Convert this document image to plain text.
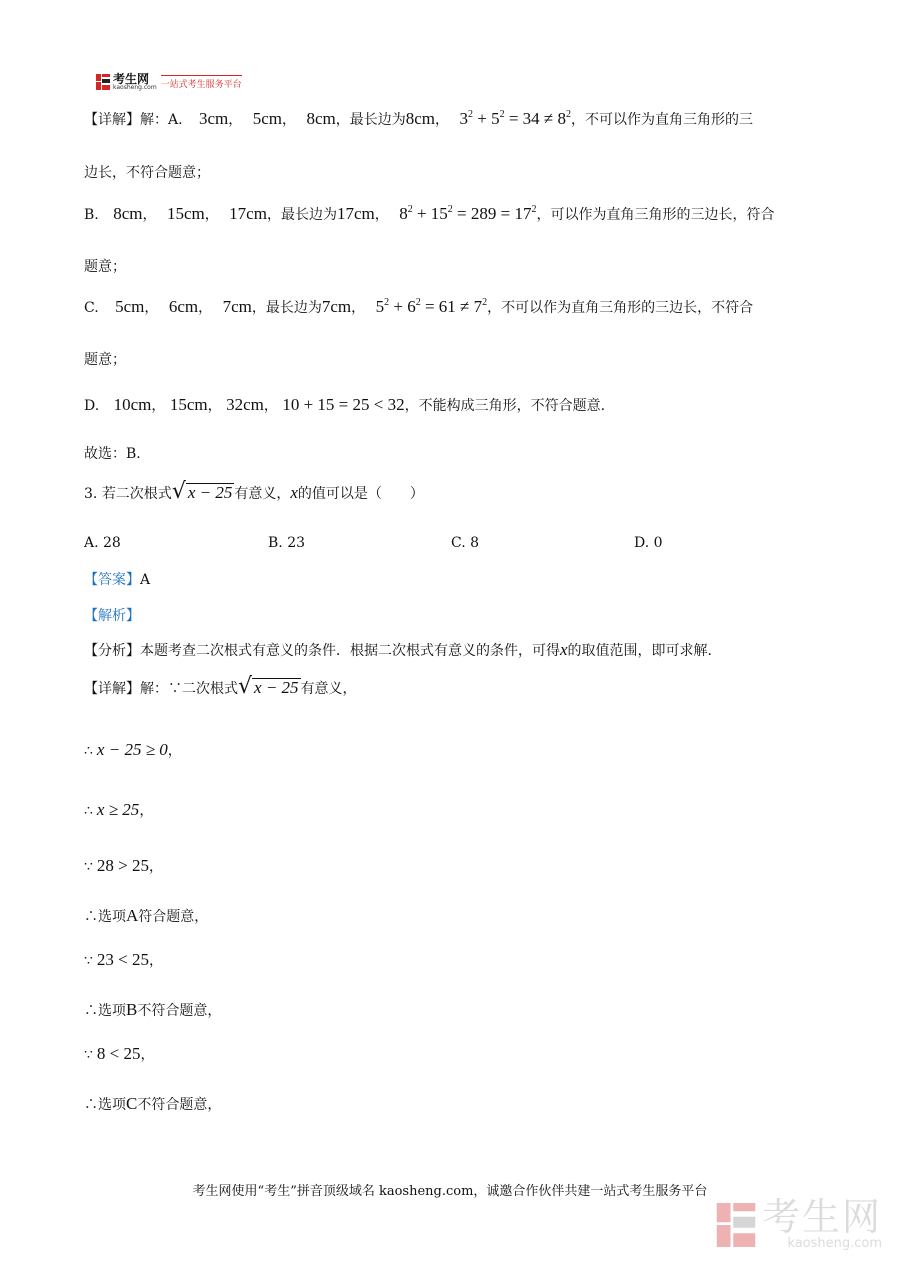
考生网
kaosheng.com 一站式考生服务平台
【详解】解：A. 3cm， 5cm， 8cm，最长边为8cm， $3^2 + 5^2 = 34 \ne 8^2$，不可以作为直角三角形的三
边长，不符合题意；
B. 8cm， 15cm， 17cm，最长边为17cm， $8^2 + 15^2 = 289 = 17^2$，可以作为直角三角形的三边长，符合
题意；
C. 5cm， 6cm， 7cm，最长边为7cm， $5^2 + 6^2 = 61 \ne 7^2$，不可以作为直角三角形的三边长，不符合
题意；
D. 10cm， 15cm， 32cm， 10 + 15 = 25 < 32，不能构成三角形，不符合题意.
故选：B.
3. 若二次根式 √ x − 25 有意义，x的值可以是（　　）
A. 28	B. 23	C. 8	D. 0
【答案】A
【解析】
【分析】本题考查二次根式有意义的条件．根据二次根式有意义的条件，可得x的取值范围，即可求解．
【详解】解：∵二次根式 √ x − 25 有意义，
∴ x − 25 ≥ 0，
∴ x ≥ 25，
∵ 28 > 25，
∴选项A符合题意，
∵ 23 < 25，
∴选项B不符合题意，
∵ 8 < 25，
∴选项C不符合题意，
考生网使用“考生”拼音顶级域名 kaosheng.com，诚邀合作伙伴共建一站式考生服务平台
考生网
kaosheng.com
